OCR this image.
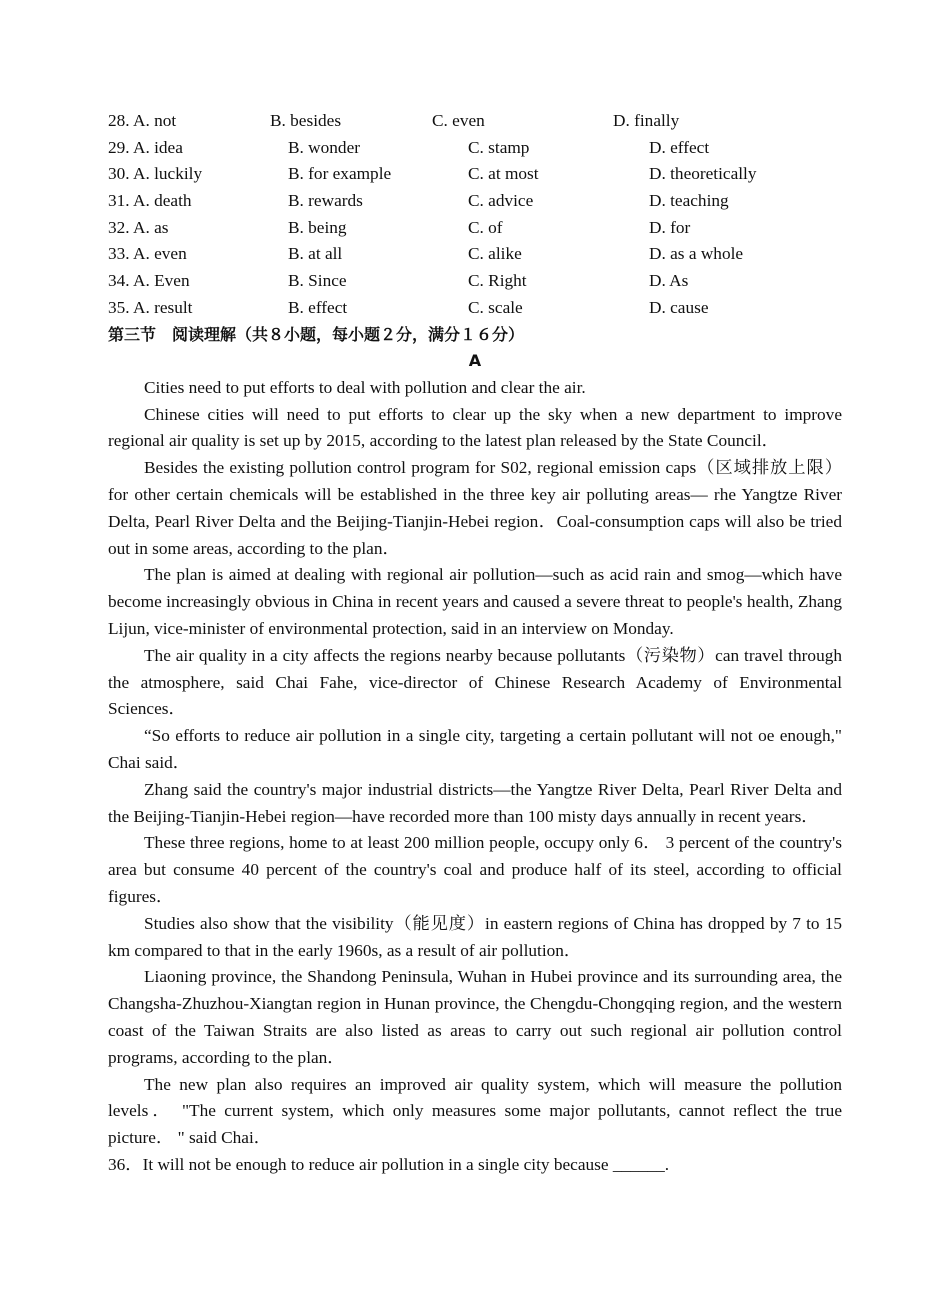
28. A. not	B. besides	C. even	D. finally
29. A. idea	B. wonder	C. stamp	D. effect
30. A. luckily	B. for example	C. at most	D. theoretically
31. A. death	B. rewards	C. advice	D. teaching
32. A. as	B. being	C. of	D. for
33. A. even	B. at all	C. alike	D. as a whole
34. A. Even	B. Since	C. Right	D. As
35. A. result	B. effect	C. scale	D. cause
第三节　阅读理解（共８小题，每小题２分，满分１６分）
A

Cities need to put efforts to deal with pollution and clear the air.

Chinese cities will need to put efforts to clear up the sky when a new department to improve regional air quality is set up by 2015, according to the latest plan released by the State Council．

Besides the existing pollution control program for S02, regional emission caps（区域排放上限） for other certain chemicals will be established in the three key air polluting areas— rhe Yangtze River Delta, Pearl River Delta and the Beijing-Tianjin-Hebei region．Coal-consumption caps will also be tried out in some areas, according to the plan．

The plan is aimed at dealing with regional air pollution—such as acid rain and smog—which have become increasingly obvious in China in recent years and caused a severe threat to people's health, Zhang Lijun, vice-minister of environmental protection, said in an interview on Monday.

The air quality in a city affects the regions nearby because pollutants（污染物）can travel through the atmosphere, said Chai Fahe, vice-director of Chinese Research Academy of Environmental Sciences．

“So efforts to reduce air pollution in a single city, targeting a certain pollutant will not oe enough," Chai said．

Zhang said the country's major industrial districts—the Yangtze River Delta, Pearl River Delta and the Beijing-Tianjin-Hebei region—have recorded more than 100 misty days annually in recent years．

These three regions, home to at least 200 million people, occupy only 6． 3 percent of the country's area but consume 40 percent of the country's coal and produce half of its steel, according to official figures．

Studies also show that the visibility（能见度）in eastern regions of China has dropped by 7 to 15 km compared to that in the early 1960s, as a result of air pollution．

Liaoning province, the Shandong Peninsula, Wuhan in Hubei province and its surrounding area, the Changsha-Zhuzhou-Xiangtan region in Hunan province, the Chengdu-Chongqing region, and the western coast of the Taiwan Straits are also listed as areas to carry out such regional air pollution control programs, according to the plan．

The new plan also requires an improved air quality system, which will measure the pollution levels． "The current system, which only measures some major pollutants, cannot reflect the true picture． " said Chai．

36．It will not be enough to reduce air pollution in a single city because ______.
